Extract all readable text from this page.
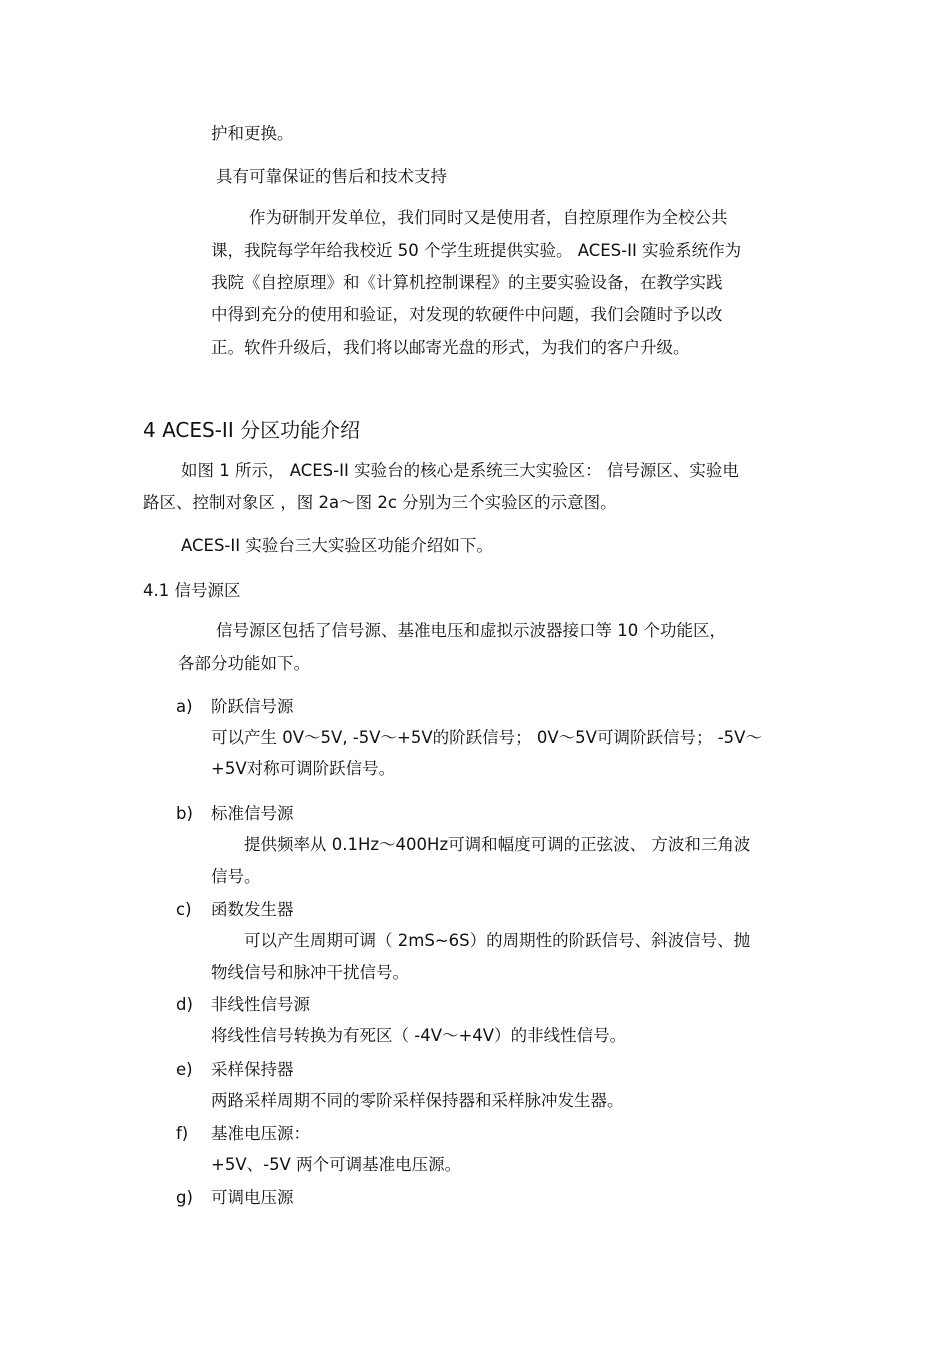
护和更换。
具有可靠保证的售后和技术支持
作为研制开发单位，我们同时又是使用者，自控原理作为全校公共
课，我院每学年给我校近 50 个学生班提供实验。 ACES-II 实验系统作为
我院《自控原理》和《计算机控制课程》的主要实验设备，在教学实践
中得到充分的使用和验证，对发现的软硬件中问题，我们会随时予以改
正。软件升级后，我们将以邮寄光盘的形式，为我们的客户升级。
4 ACES-II 分区功能介绍
如图 1 所示， ACES-II 实验台的核心是系统三大实验区： 信号源区、实验电
路区、控制对象区 ，图 2a～图 2c 分别为三个实验区的示意图。
ACES-II 实验台三大实验区功能介绍如下。
4.1 信号源区
信号源区包括了信号源、基准电压和虚拟示波器接口等 10 个功能区，
各部分功能如下。
a) 阶跃信号源
可以产生 0V～5V, -5V～+5V的阶跃信号； 0V～5V可调阶跃信号； -5V～
+5V对称可调阶跃信号。
b) 标准信号源
提供频率从 0.1Hz～400Hz可调和幅度可调的正弦波、 方波和三角波
信号。
c) 函数发生器
可以产生周期可调（ 2mS~6S）的周期性的阶跃信号、斜波信号、抛
物线信号和脉冲干扰信号。
d) 非线性信号源
将线性信号转换为有死区（ -4V～+4V）的非线性信号。
e) 采样保持器
两路采样周期不同的零阶采样保持器和采样脉冲发生器。
f) 基准电压源：
+5V、-5V 两个可调基准电压源。
g) 可调电压源
